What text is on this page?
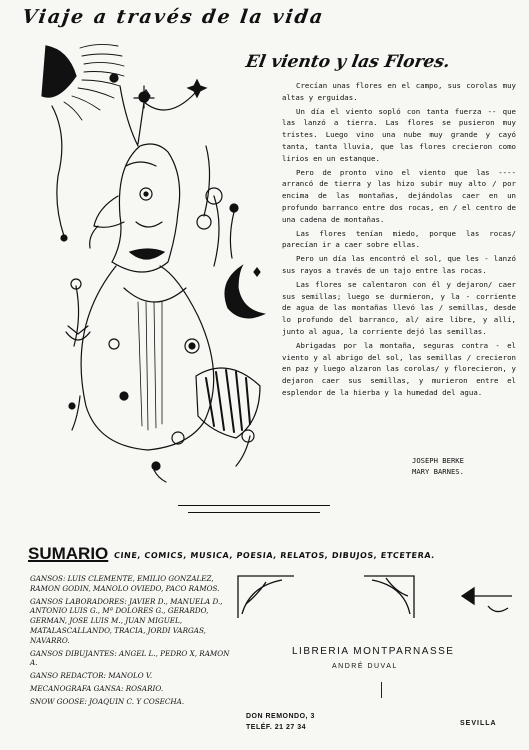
Viaje a través de la vida
El viento y las Flores.

Crecían unas flores en el campo, sus corolas muy altas y erguidas.

Un día el viento sopló con tanta fuerza -- que las lanzó a tierra. Las flores se pusieron muy tristes. Luego vino una nube muy grande y cayó tanta, tanta lluvia, que las flores crecieron como lirios en un estanque.

Pero de pronto vino el viento que las ---- arrancó de tierra y las hizo subir muy alto / por encima de las montañas, dejándolas caer en un profundo barranco entre dos rocas, en / el centro de una cadena de montañas.

Las flores tenían miedo, porque las rocas/ parecían ir a caer sobre ellas.

Pero un día las encontró el sol, que les - lanzó sus rayos a través de un tajo entre las rocas.

Las flores se calentaron con él y dejaron/ caer sus semillas; luego se durmieron, y la - corriente de agua de las montañas llevó las / semillas, desde lo profundo del barranco, al/ aire libre, y allí, junto al agua, la corriente dejó las semillas.

Abrigadas por la montaña, seguras contra - el viento y al abrigo del sol, las semillas / crecieron en paz y luego alzaron las corolas/ y florecieron, y dejaron caer sus semillas, y murieron entre el esplendor de la hierba y la humedad del agua.

JOSEPH BERKE
MARY BARNES.
SUMARIO CINE, COMICS, MUSICA, POESIA, RELATOS, DIBUJOS, ETCETERA.
GANSOS: LUIS CLEMENTE, EMILIO GONZALEZ, RAMON GODIN, MANOLO OVIEDO, PACO RAMOS.
GANSOS LABORADORES: JAVIER D., MANUELA D., ANTONIO LUIS G., Mª DOLORES G., GERARDO, GERMAN, JOSE LUIS M., JUAN MIGUEL, MATALASCALLANDO, TRACIA, JORDI VARGAS, NAVARRO.
GANSOS DIBUJANTES: ANGEL L., PEDRO X, RAMON A.
GANSO REDACTOR: MANOLO V.
MECANOGRAFA GANSA: ROSARIO.
SNOW GOOSE: JOAQUIN C. Y COSECHA.
LIBRERIA MONTPARNASSE
ANDRÉ DUVAL
DON REMONDO, 3
TELÉF. 21 27 34
SEVILLA
